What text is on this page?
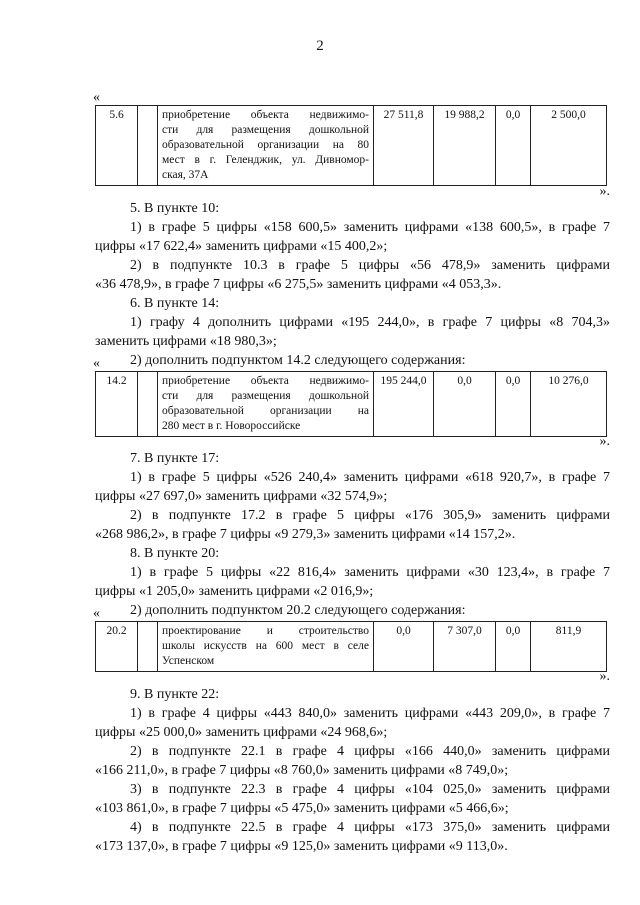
2
«
5.6		приобретение объекта недвижимо-
сти для размещения дошкольной
образовательной организации на 80
мест в г. Геленджик, ул. Дивномор-
ская, 37А
	27 511,8	19 988,2	0,0	2 500,0
».
5. В пункте 10:
1) в графе 5 цифры «158 600,5» заменить цифрами «138 600,5», в графе 7
цифры «17 622,4» заменить цифрами «15 400,2»;
2) в подпункте 10.3 в графе 5 цифры «56 478,9» заменить цифрами
«36 478,9», в графе 7 цифры «6 275,5» заменить цифрами «4 053,3».
6. В пункте 14:
1) графу 4 дополнить цифрами «195 244,0», в графе 7 цифры «8 704,3»
заменить цифрами «18 980,3»;
2) дополнить подпунктом 14.2 следующего содержания:
«
14.2		приобретение объекта недвижимо-
сти для размещения дошкольной
образовательной организации на
280 мест в г. Новороссийске
	195 244,0	0,0	0,0	10 276,0
».
7. В пункте 17:
1) в графе 5 цифры «526 240,4» заменить цифрами «618 920,7», в графе 7
цифры «27 697,0» заменить цифрами «32 574,9»;
2) в подпункте 17.2 в графе 5 цифры «176 305,9» заменить цифрами
«268 986,2», в графе 7 цифры «9 279,3» заменить цифрами «14 157,2».
8. В пункте 20:
1) в графе 5 цифры «22 816,4» заменить цифрами «30 123,4», в графе 7
цифры «1 205,0» заменить цифрами «2 016,9»;
2) дополнить подпунктом 20.2 следующего содержания:
«
20.2		проектирование и строительство
школы искусств на 600 мест в селе
Успенском
	0,0	7 307,0	0,0	811,9
».
9. В пункте 22:
1) в графе 4 цифры «443 840,0» заменить цифрами «443 209,0», в графе 7
цифры «25 000,0» заменить цифрами «24 968,6»;
2) в подпункте 22.1 в графе 4 цифры «166 440,0» заменить цифрами
«166 211,0», в графе 7 цифры «8 760,0» заменить цифрами «8 749,0»;
3) в подпункте 22.3 в графе 4 цифры «104 025,0» заменить цифрами
«103 861,0», в графе 7 цифры «5 475,0» заменить цифрами «5 466,6»;
4) в подпункте 22.5 в графе 4 цифры «173 375,0» заменить цифрами
«173 137,0», в графе 7 цифры «9 125,0» заменить цифрами «9 113,0».
